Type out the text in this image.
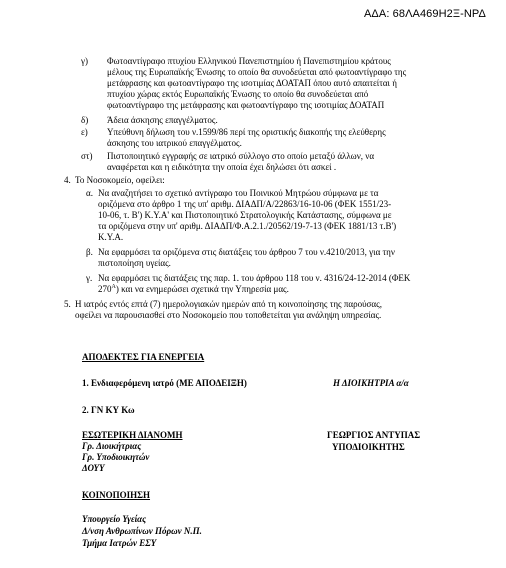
ΑΔΑ: 68ΛΑ469Η2Ξ-ΝΡΔ
γ) Φωτοαντίγραφο πτυχίου Ελληνικού Πανεπιστημίου ή Πανεπιστημίου κράτους
μέλους της Ευρωπαϊκής Ένωσης το οποίο θα συνοδεύεται από φωτοαντίγραφο της
μετάφρασης και φωτοαντίγραφο της ισοτιμίας ΔΟΑΤΑΠ όπου αυτό απαιτείται ή
πτυχίου χώρας εκτός Ευρωπαϊκής Ένωσης το οποίο θα συνοδεύεται από
φωτοαντίγραφο της μετάφρασης και φωτοαντίγραφο της ισοτιμίας ΔΟΑΤΑΠ
δ) Άδεια άσκησης επαγγέλματος.
ε) Υπεύθυνη δήλωση του ν.1599/86 περί της οριστικής διακοπής της ελεύθερης
άσκησης του ιατρικού επαγγέλματος.
στ) Πιστοποιητικό εγγραφής σε ιατρικό σύλλογο στο οποίο μεταξύ άλλων, να
αναφέρεται και η ειδικότητα την οποία έχει δηλώσει ότι ασκεί .
4. Το Νοσοκομείο, οφείλει:
α. Να αναζητήσει το σχετικό αντίγραφο του Ποινικού Μητρώου σύμφωνα με τα
οριζόμενα στο άρθρο 1 της υπ' αριθμ. ΔΙΑΔΠ/Α/22863/16-10-06 (ΦΕΚ 1551/23-
10-06, τ. Β') Κ.Υ.Α' και Πιστοποιητικό Στρατολογικής Κατάστασης, σύμφωνα με
τα οριζόμενα στην υπ' αριθμ. ΔΙΑΔΠ/Φ.Α.2.1./20562/19-7-13 (ΦΕΚ 1881/13 τ.Β')
Κ.Υ.Α.
β. Να εφαρμόσει τα οριζόμενα στις διατάξεις του άρθρου 7 του ν.4210/2013, για την
πιστοποίηση υγείας.
γ. Να εφαρμόσει τις διατάξεις της παρ. 1. του άρθρου 118 του ν. 4316/24-12-2014 (ΦΕΚ
$270^A$) και να ενημερώσει σχετικά την Υπηρεσία μας.
5. Η ιατρός εντός επτά (7) ημερολογιακών ημερών από τη κοινοποίησης της παρούσας,
οφείλει να παρουσιασθεί στο Νοσοκομείο που τοποθετείται για ανάληψη υπηρεσίας.
ΑΠΟΔΕΚΤΕΣ ΓΙΑ ΕΝΕΡΓΕΙΑ
1. Ενδιαφερόμενη ιατρό (ΜΕ ΑΠΟΔΕΙΞΗ)
2. ΓΝ ΚΥ Κω
Η ΔΙΟΙΚΗΤΡΙΑ α/α
ΓΕΩΡΓΙΟΣ ΑΝΤΥΠΑΣ
ΥΠΟΔΙΟΙΚΗΤΗΣ
ΕΣΩΤΕΡΙΚΗ ΔΙΑΝΟΜΗ
Γρ. Διοικήτριας
Γρ. Υποδιοικητών
ΔΟΥΥ
ΚΟΙΝΟΠΟΙΗΣΗ
Υπουργείο Υγείας
Δ/νση Ανθρωπίνων Πόρων Ν.Π.
Τμήμα Ιατρών ΕΣΥ
